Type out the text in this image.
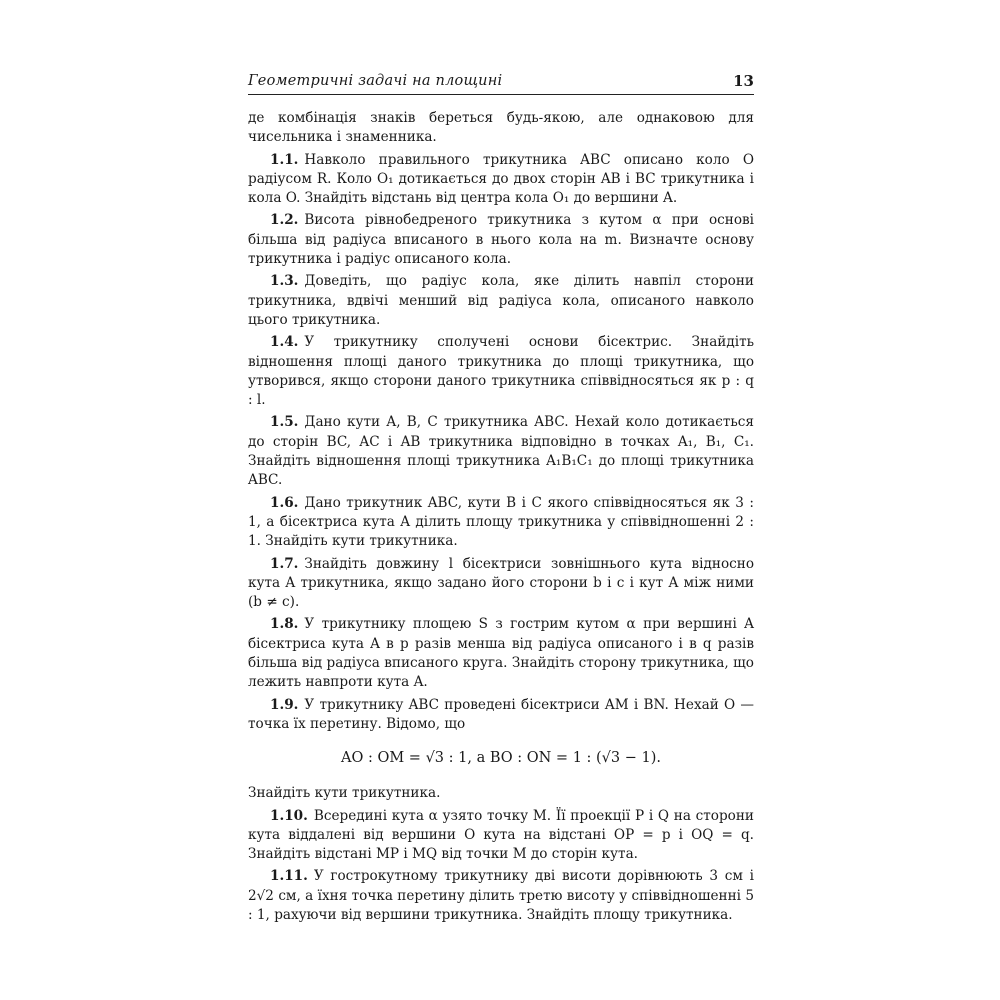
Геометричні задачі на площині	13

де комбінація знаків береться будь-якою, але однаковою для чисельника і знаменника.

1.1. Навколо правильного трикутника ABC описано коло O радіусом R. Коло O₁ дотикається до двох сторін AB і BC трикутника і кола O. Знайдіть відстань від центра кола O₁ до вершини A.

1.2. Висота рівнобедреного трикутника з кутом α при основі більша від радіуса вписаного в нього кола на m. Визначте основу трикутника і радіус описаного кола.

1.3. Доведіть, що радіус кола, яке ділить навпіл сторони трикутника, вдвічі менший від радіуса кола, описаного навколо цього трикутника.

1.4. У трикутнику сполучені основи бісектрис. Знайдіть відношення площі даного трикутника до площі трикутника, що утворився, якщо сторони даного трикутника співвідносяться як p : q : l.

1.5. Дано кути A, B, C трикутника ABC. Нехай коло дотикається до сторін BC, AC і AB трикутника відповідно в точках A₁, B₁, C₁. Знайдіть відношення площі трикутника A₁B₁C₁ до площі трикутника ABC.

1.6. Дано трикутник ABC, кути B і C якого співвідносяться як 3 : 1, а бісектриса кута A ділить площу трикутника у співвідношенні 2 : 1. Знайдіть кути трикутника.

1.7. Знайдіть довжину l бісектриси зовнішнього кута відносно кута A трикутника, якщо задано його сторони b і c і кут A між ними (b ≠ c).

1.8. У трикутнику площею S з гострим кутом α при вершині A бісектриса кута A в p разів менша від радіуса описаного і в q разів більша від радіуса вписаного круга. Знайдіть сторону трикутника, що лежить навпроти кута A.

1.9. У трикутнику ABC проведені бісектриси AM і BN. Нехай O — точка їх перетину. Відомо, що

AO : OM = √3 : 1, а BO : ON = 1 : (√3 − 1).

Знайдіть кути трикутника.

1.10. Всередині кута α узято точку M. Її проекції P і Q на сторони кута віддалені від вершини O кута на відстані OP = p і OQ = q. Знайдіть відстані MP і MQ від точки M до сторін кута.

1.11. У гострокутному трикутнику дві висоти дорівнюють 3 см і 2√2 см, а їхня точка перетину ділить третю висоту у співвідношенні 5 : 1, рахуючи від вершини трикутника. Знайдіть площу трикутника.
